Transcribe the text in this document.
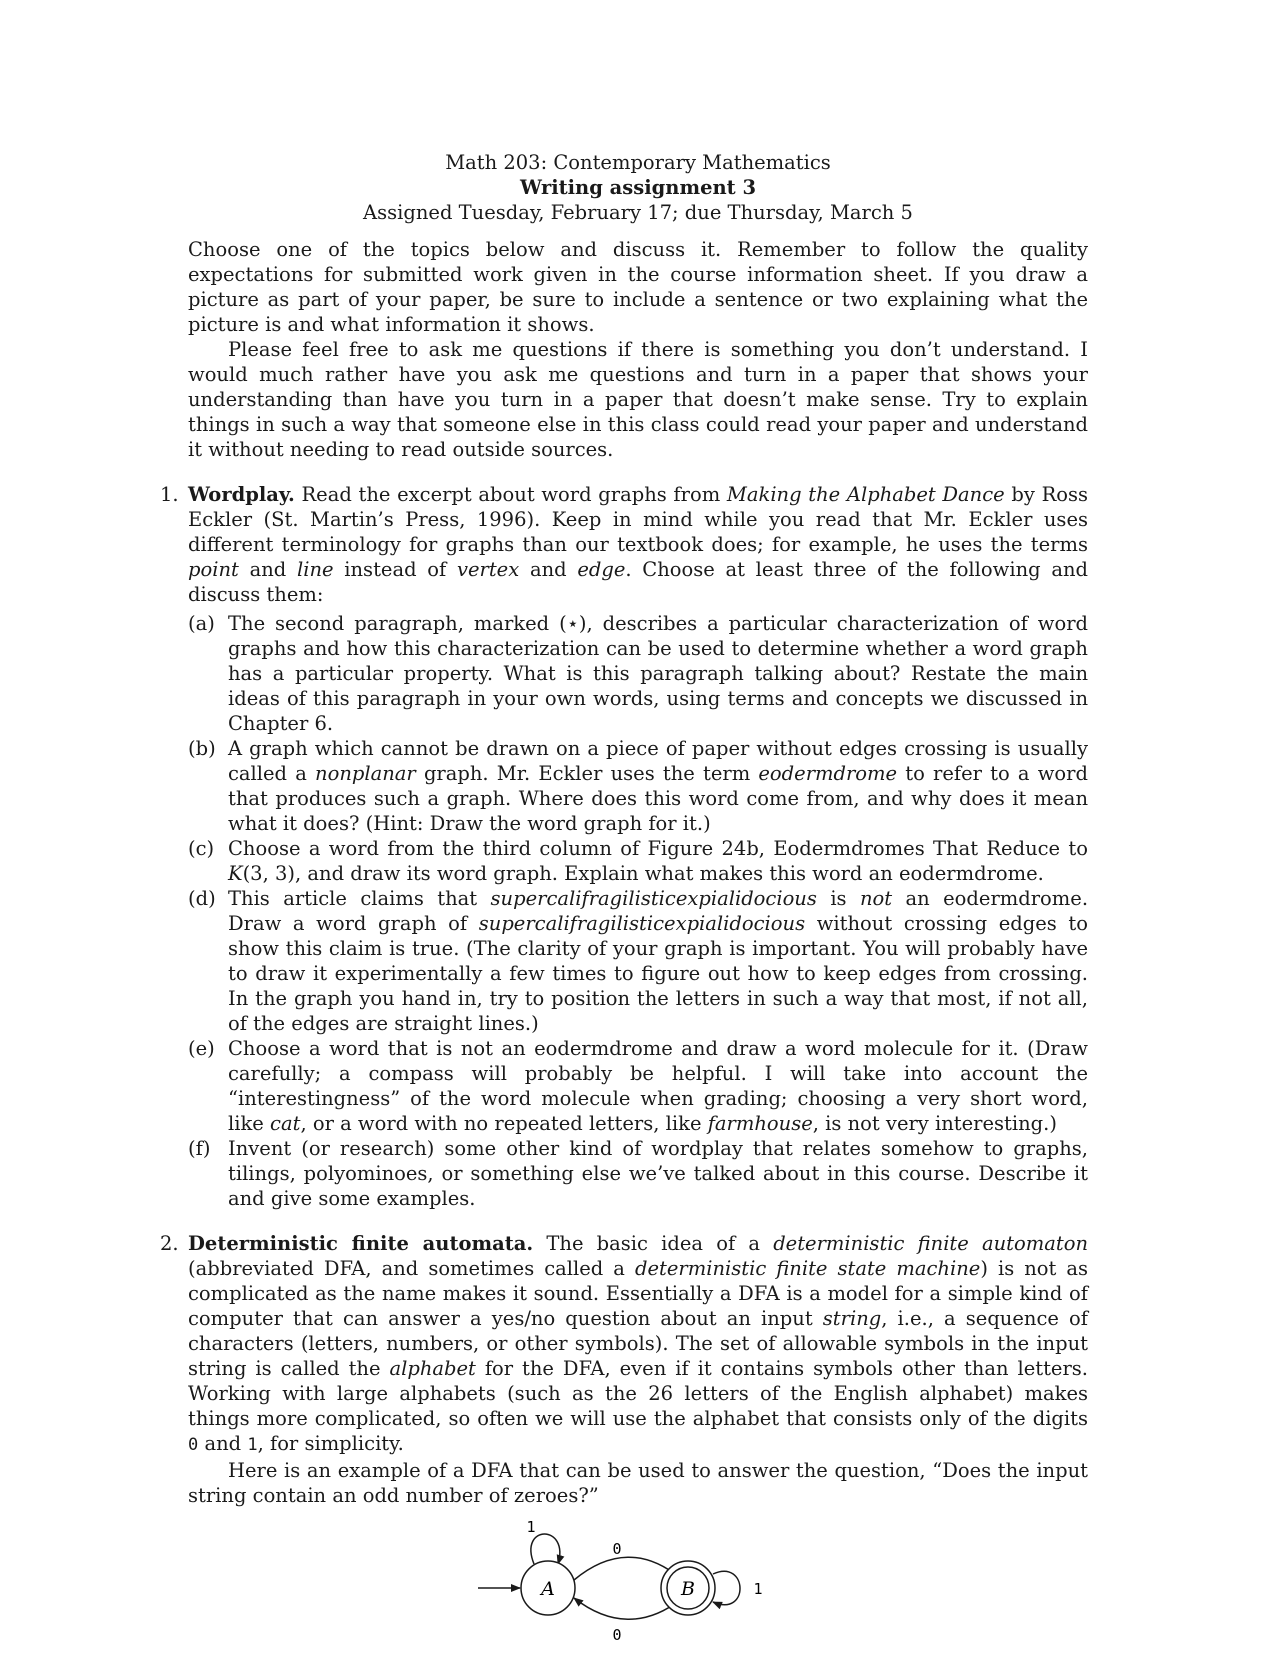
Math 203: Contemporary Mathematics
Writing assignment 3
Assigned Tuesday, February 17; due Thursday, March 5

Choose one of the topics below and discuss it. Remember to follow the quality expectations for submitted work given in the course information sheet. If you draw a picture as part of your paper, be sure to include a sentence or two explaining what the picture is and what information it shows.

Please feel free to ask me questions if there is something you don’t understand. I would much rather have you ask me questions and turn in a paper that shows your understanding than have you turn in a paper that doesn’t make sense. Try to explain things in such a way that someone else in this class could read your paper and understand it without needing to read outside sources.

1. Wordplay. Read the excerpt about word graphs from Making the Alphabet Dance by Ross Eckler (St. Martin’s Press, 1996). Keep in mind while you read that Mr. Eckler uses different terminology for graphs than our textbook does; for example, he uses the terms point and line instead of vertex and edge. Choose at least three of the following and discuss them:

(a) The second paragraph, marked (⋆), describes a particular characterization of word graphs and how this characterization can be used to determine whether a word graph has a particular property. What is this paragraph talking about? Restate the main ideas of this paragraph in your own words, using terms and concepts we discussed in Chapter 6.
(b) A graph which cannot be drawn on a piece of paper without edges crossing is usually called a nonplanar graph. Mr. Eckler uses the term eodermdrome to refer to a word that produces such a graph. Where does this word come from, and why does it mean what it does? (Hint: Draw the word graph for it.)
(c) Choose a word from the third column of Figure 24b, Eodermdromes That Reduce to K(3, 3), and draw its word graph. Explain what makes this word an eodermdrome.
(d) This article claims that supercalifragilisticexpialidocious is not an eodermdrome. Draw a word graph of supercalifragilisticexpialidocious without crossing edges to show this claim is true. (The clarity of your graph is important. You will probably have to draw it experimentally a few times to figure out how to keep edges from crossing. In the graph you hand in, try to position the letters in such a way that most, if not all, of the edges are straight lines.)
(e) Choose a word that is not an eodermdrome and draw a word molecule for it. (Draw carefully; a compass will probably be helpful. I will take into account the “interestingness” of the word molecule when grading; choosing a very short word, like cat, or a word with no repeated letters, like farmhouse, is not very interesting.)
(f) Invent (or research) some other kind of wordplay that relates somehow to graphs, tilings, polyominoes, or something else we’ve talked about in this course. Describe it and give some examples.
2. Deterministic finite automata. The basic idea of a deterministic finite automaton (abbreviated DFA, and sometimes called a deterministic finite state machine) is not as complicated as the name makes it sound. Essentially a DFA is a model for a simple kind of computer that can answer a yes/no question about an input string, i.e., a sequence of characters (letters, numbers, or other symbols). The set of allowable symbols in the input string is called the alphabet for the DFA, even if it contains symbols other than letters. Working with large alphabets (such as the 26 letters of the English alphabet) makes things more complicated, so often we will use the alphabet that consists only of the digits 0 and 1, for simplicity.

Here is an example of a DFA that can be used to answer the question, “Does the input string contain an odd number of zeroes?”

1
0
0
A	B	1
